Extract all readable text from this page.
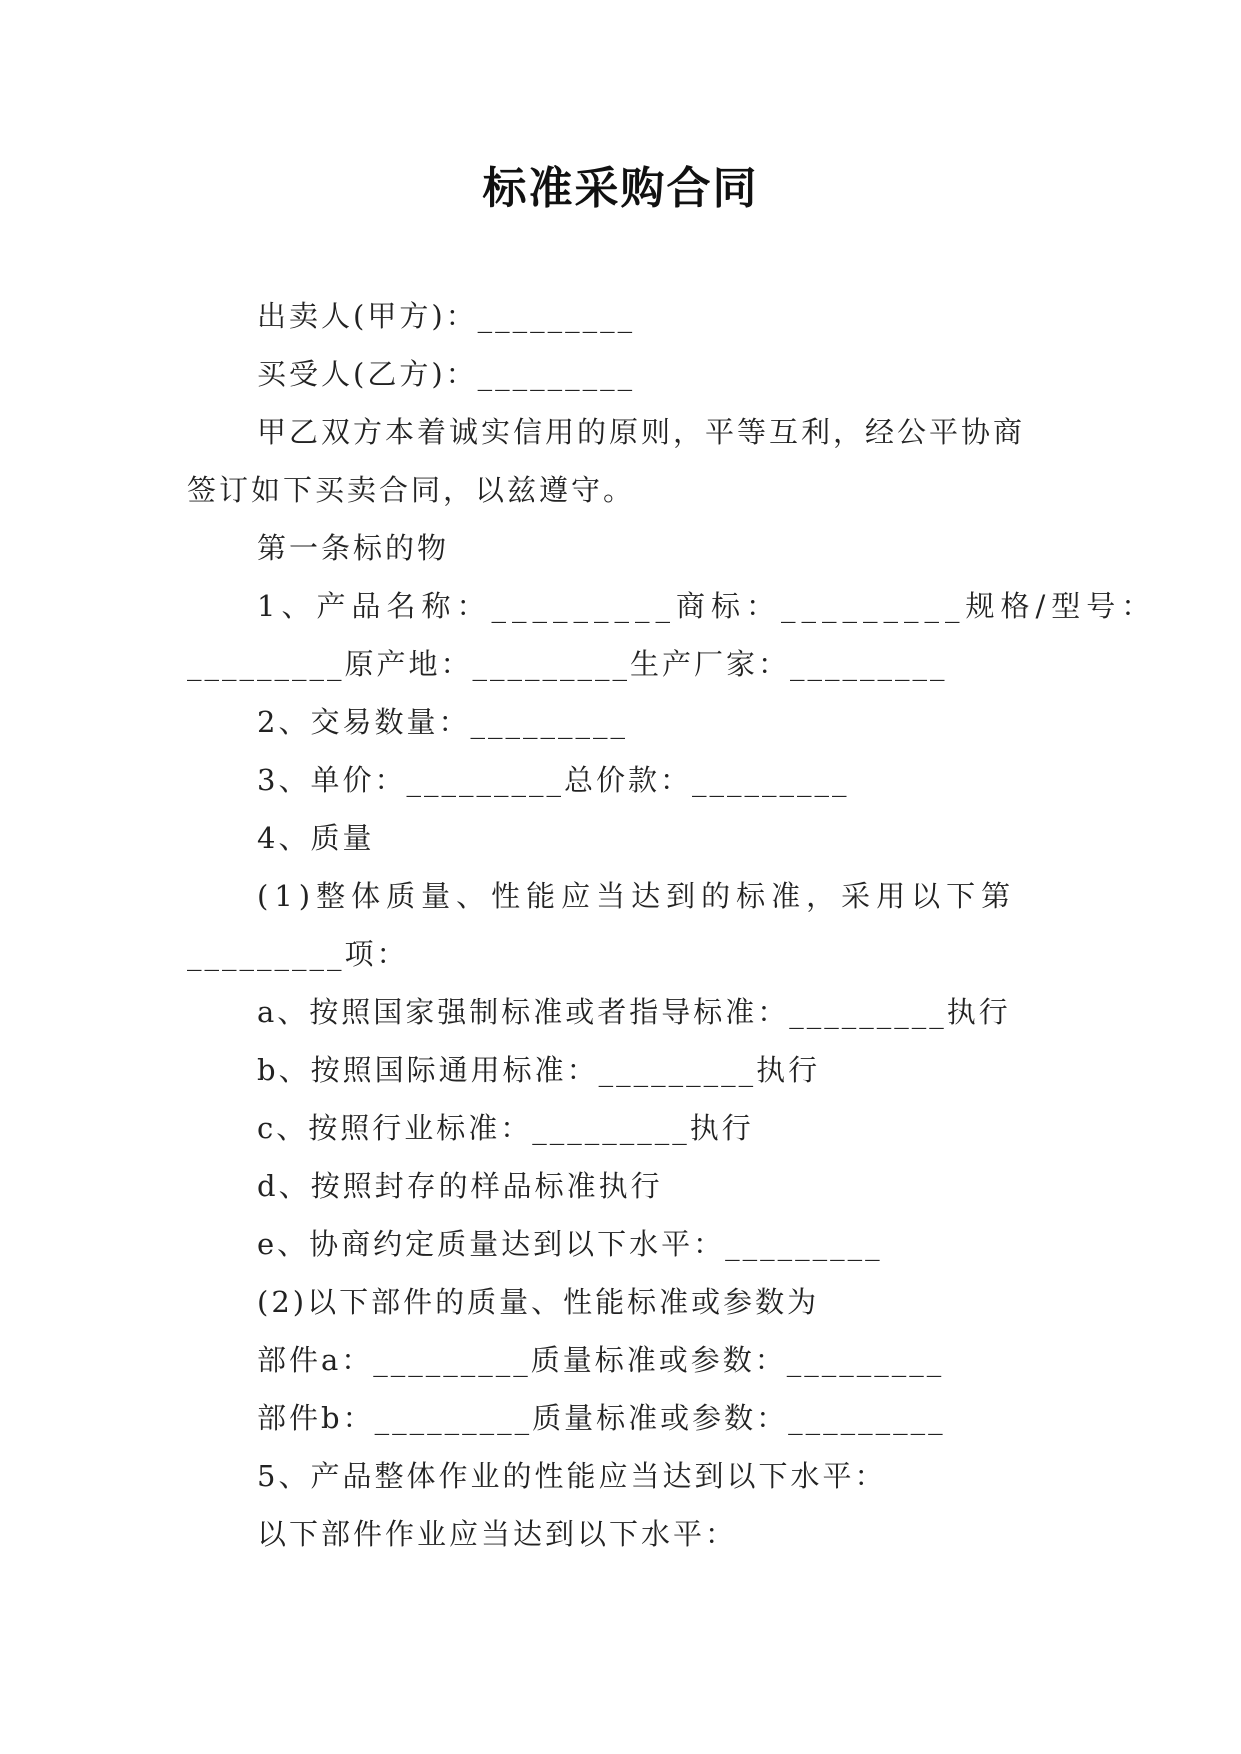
标准采购合同
出卖人(甲方)：_________
买受人(乙方)：_________
甲乙双方本着诚实信用的原则，平等互利，经公平协商
签订如下买卖合同，以兹遵守。
第一条标的物
1、产品名称：_________商标：_________规格/型号：
_________原产地：_________生产厂家：_________
2、交易数量：_________
3、单价：_________总价款：_________
4、质量
(1)整体质量、性能应当达到的标准，采用以下第
_________项：
a、按照国家强制标准或者指导标准：_________执行
b、按照国际通用标准：_________执行
c、按照行业标准：_________执行
d、按照封存的样品标准执行
e、协商约定质量达到以下水平：_________
(2)以下部件的质量、性能标准或参数为
部件a：_________质量标准或参数：_________
部件b：_________质量标准或参数：_________
5、产品整体作业的性能应当达到以下水平：
以下部件作业应当达到以下水平：
